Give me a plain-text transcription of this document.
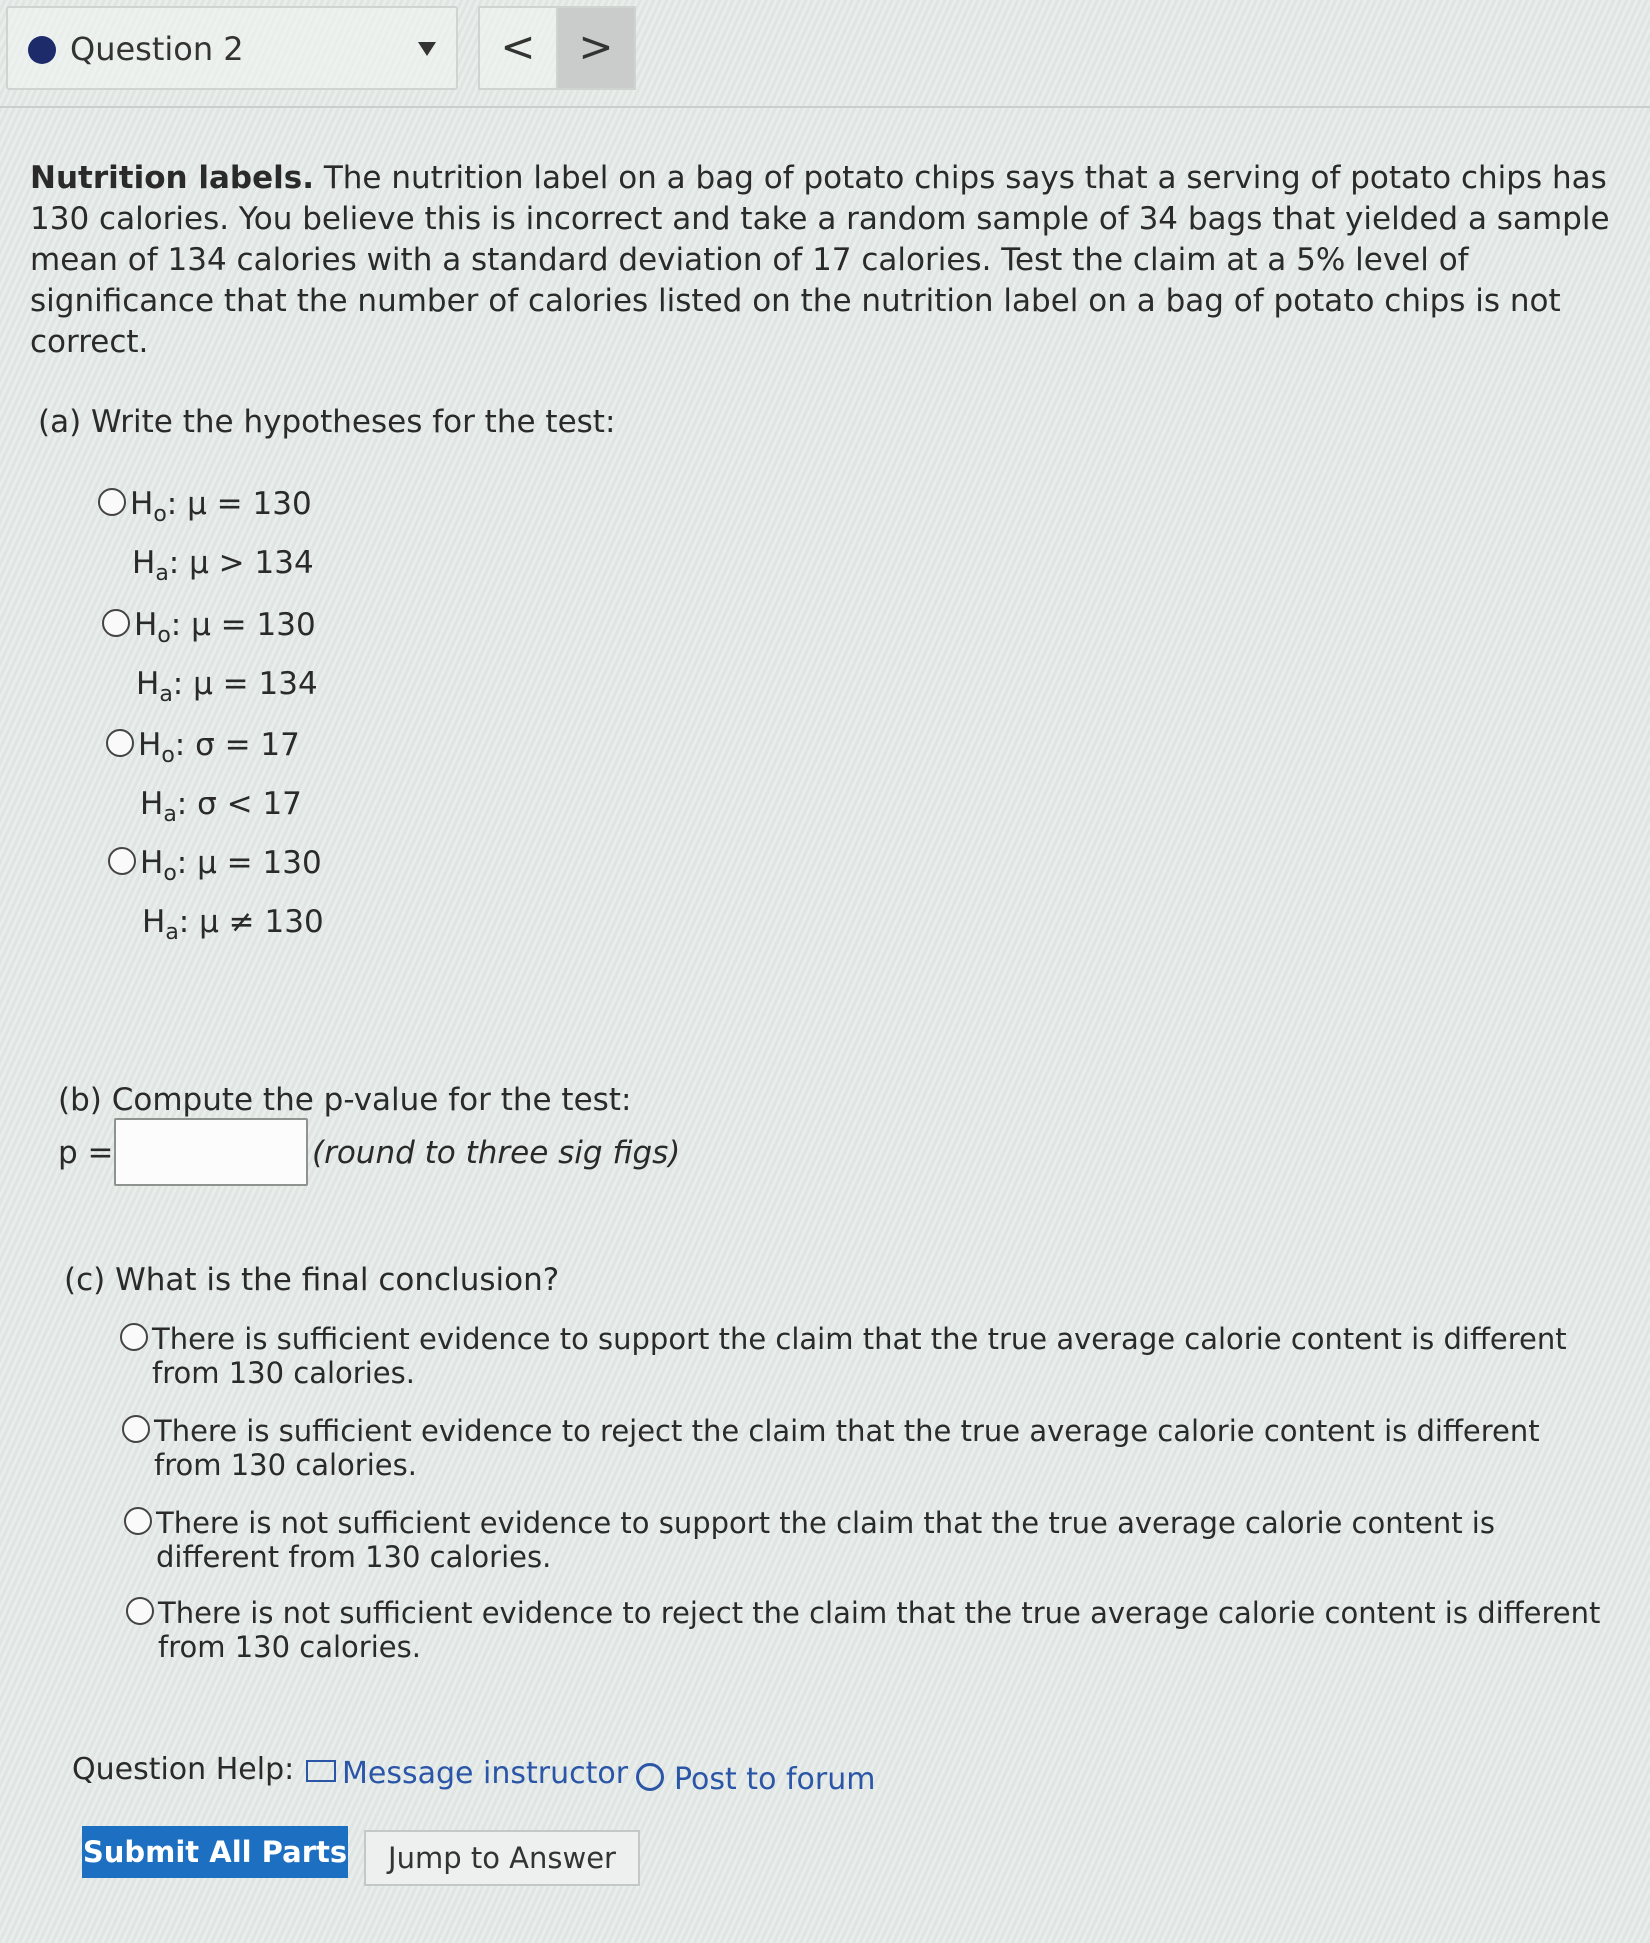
Question 2	<	>
Nutrition labels. The nutrition label on a bag of potato chips says that a serving of potato chips has 130 calories. You believe this is incorrect and take a random sample of 34 bags that yielded a sample mean of 134 calories with a standard deviation of 17 calories. Test the claim at a 5% level of significance that the number of calories listed on the nutrition label on a bag of potato chips is not correct.
(a) Write the hypotheses for the test:
$H_o$: μ = 130
$H_a$: μ > 134
$H_o$: μ = 130
$H_a$: μ = 134
$H_o$: σ = 17
$H_a$: σ < 17
$H_o$: μ = 130
$H_a$: μ ≠ 130
(b) Compute the p-value for the test:
p =	(round to three sig figs)
(c) What is the final conclusion?
There is sufficient evidence to support the claim that the true average calorie content is different
from 130 calories.
There is sufficient evidence to reject the claim that the true average calorie content is different
from 130 calories.
There is not sufficient evidence to support the claim that the true average calorie content is
different from 130 calories.
There is not sufficient evidence to reject the claim that the true average calorie content is different
from 130 calories.
Question Help:	Message instructor	Post to forum
Submit All Parts	Jump to Answer
